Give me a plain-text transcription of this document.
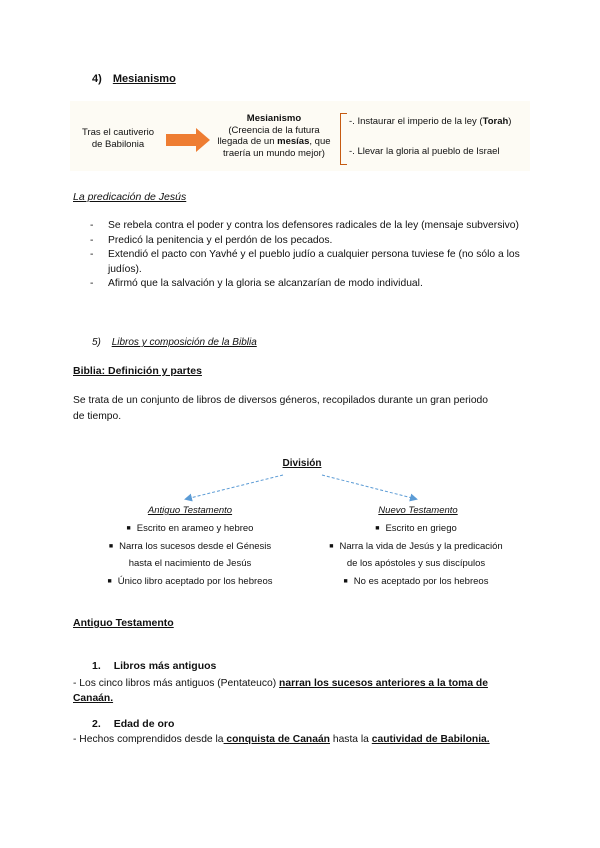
4) Mesianismo
Tras el cautiverio
de Babilonia
Mesianismo
(Creencia de la futura
llegada de un mesías, que
traería un mundo mejor)
-. Instaurar el imperio de la ley (Torah)
-. Llevar la gloria al pueblo de Israel
La predicación de Jesús
- Se rebela contra el poder y contra los defensores radicales de la ley (mensaje subversivo)
- Predicó la penitencia y el perdón de los pecados.
- Extendió el pacto con Yavhé y el pueblo judío a cualquier persona tuviese fe (no sólo a los judíos).
- Afirmó que la salvación y la gloria se alcanzarían de modo individual.
5) Libros y composición de la Biblia
Biblia: Definición y partes
Se trata de un conjunto de libros de diversos géneros, recopilados durante un gran periodo
de tiempo.
División
Antiguo Testamento
■ Escrito en arameo y hebreo
■ Narra los sucesos desde el Génesis
hasta el nacimiento de Jesús
■ Único libro aceptado por los hebreos
Nuevo Testamento
■ Escrito en griego
■ Narra la vida de Jesús y la predicación
de los apóstoles y sus discípulos
■ No es aceptado por los hebreos
Antiguo Testamento
1. Libros más antiguos
- Los cinco libros más antiguos (Pentateuco) narran los sucesos anteriores a la toma de
Canaán.
2. Edad de oro
- Hechos comprendidos desde la conquista de Canaán hasta la cautividad de Babilonia.
